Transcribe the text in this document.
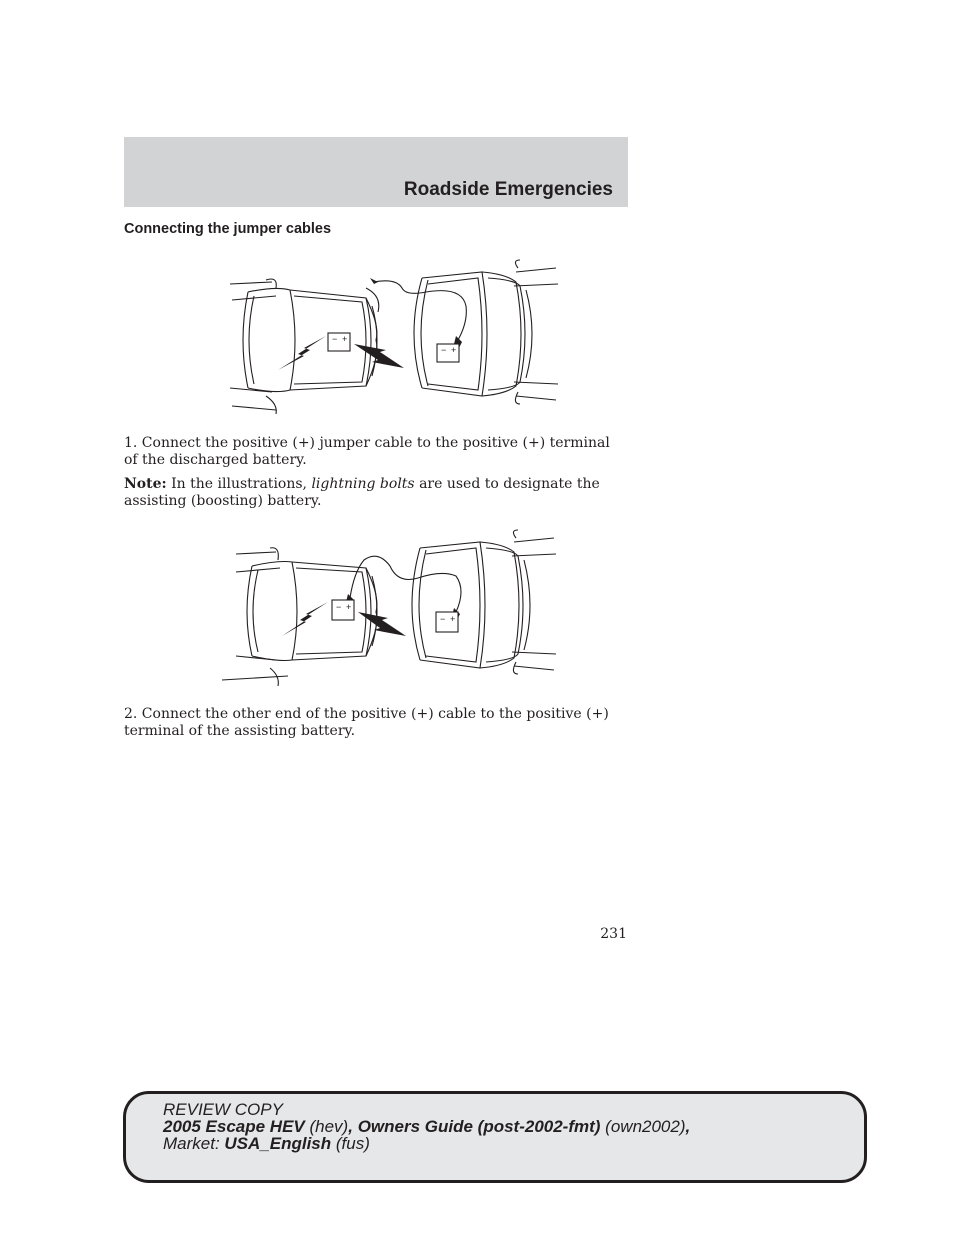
Roadside Emergencies
Connecting the jumper cables
− +
− +
1. Connect the positive (+) jumper cable to the positive (+) terminal of the discharged battery.
Note: In the illustrations, lightning bolts are used to designate the assisting (boosting) battery.
− +
− +
2. Connect the other end of the positive (+) cable to the positive (+) terminal of the assisting battery.
231
REVIEW COPY
2005 Escape HEV (hev), Owners Guide (post-2002-fmt) (own2002),
Market: USA_English (fus)
